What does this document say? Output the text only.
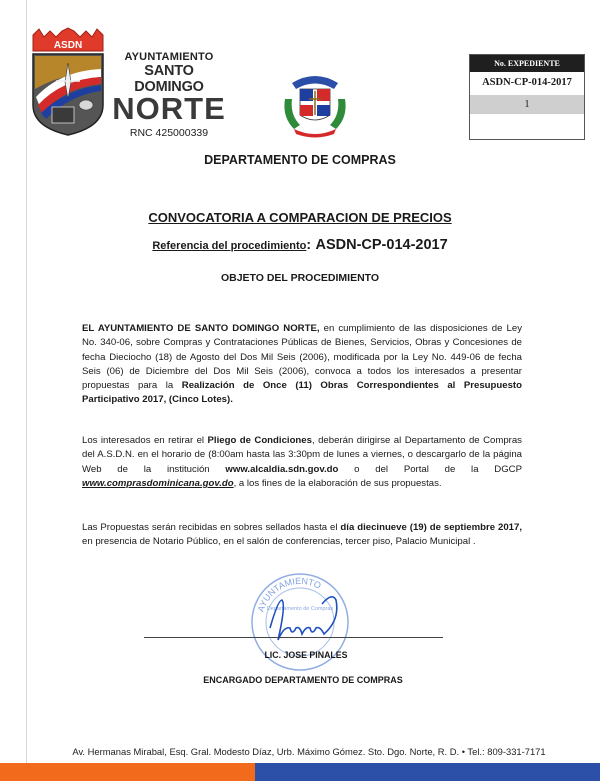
ASDN
AYUNTAMIENTO
SANTO DOMINGO
NORTE
RNC 425000339
No. EXPEDIENTE
ASDN-CP-014-2017
1
DEPARTAMENTO DE COMPRAS
CONVOCATORIA A COMPARACION DE PRECIOS
Referencia del procedimiento: ASDN-CP-014-2017
OBJETO DEL PROCEDIMIENTO
EL AYUNTAMIENTO DE SANTO DOMINGO NORTE, en cumplimiento de las disposiciones de Ley No. 340-06, sobre Compras y Contrataciones Públicas de Bienes, Servicios, Obras y Concesiones de fecha Dieciocho (18) de Agosto del Dos Mil Seis (2006), modificada por la Ley No. 449-06 de fecha Seis (06) de Diciembre del Dos Mil Seis (2006), convoca a todos los interesados a presentar propuestas para la Realización de Once (11) Obras Correspondientes al Presupuesto Participativo 2017, (Cinco Lotes).
Los interesados en retirar el Pliego de Condiciones, deberán dirigirse al Departamento de Compras del A.S.D.N. en el horario de (8:00am hasta las 3:30pm de lunes a viernes, o descargarlo de la página Web de la institución www.alcaldia.sdn.gov.do o del Portal de la DGCP www.comprasdominicana.gov.do, a los fines de la elaboración de sus propuestas.
Las Propuestas serán recibidas en sobres sellados hasta el día diecinueve (19) de septiembre 2017, en presencia de Notario Público, en el salón de conferencias, tercer piso, Palacio Municipal .
AYUNTAMIENTO
Departamento de Compras
LIC. JOSE PINALES
ENCARGADO DEPARTAMENTO DE COMPRAS
Av. Hermanas Mirabal, Esq. Gral. Modesto Díaz, Urb. Máximo Gómez. Sto. Dgo. Norte, R. D. • Tel.: 809-331-7171
